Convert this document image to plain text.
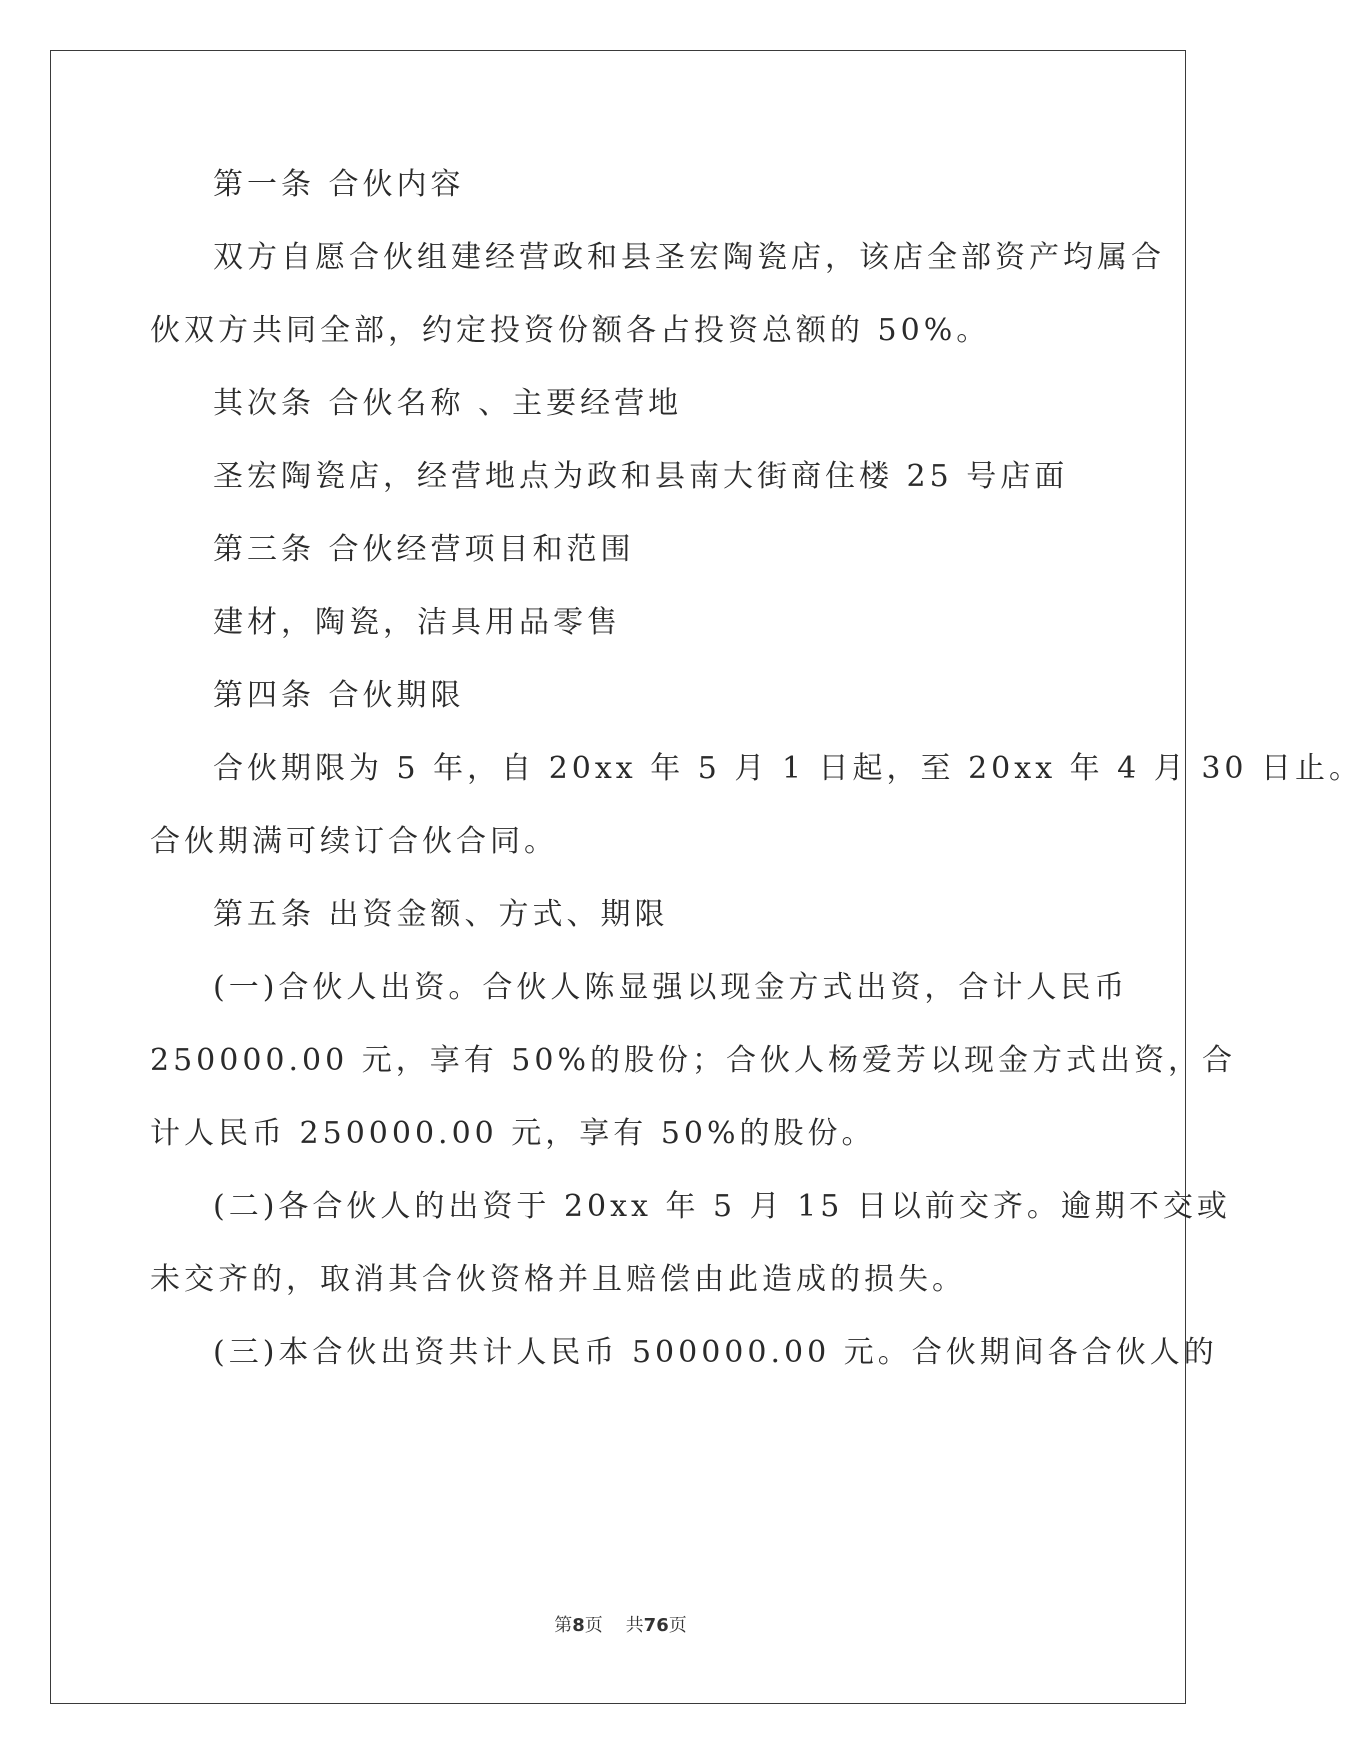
第一条 合伙内容
双方自愿合伙组建经营政和县圣宏陶瓷店，该店全部资产均属合
伙双方共同全部，约定投资份额各占投资总额的 50%。
其次条 合伙名称 、主要经营地
圣宏陶瓷店，经营地点为政和县南大街商住楼 25 号店面
第三条 合伙经营项目和范围
建材，陶瓷，洁具用品零售
第四条 合伙期限
合伙期限为 5 年，自 20xx 年 5 月 1 日起，至 20xx 年 4 月 30 日止。
合伙期满可续订合伙合同。
第五条 出资金额、方式、期限
(一)合伙人出资。合伙人陈显强以现金方式出资，合计人民币
250000.00 元，享有 50%的股份；合伙人杨爱芳以现金方式出资，合
计人民币 250000.00 元，享有 50%的股份。
(二)各合伙人的出资于 20xx 年 5 月 15 日以前交齐。逾期不交或
未交齐的，取消其合伙资格并且赔偿由此造成的损失。
(三)本合伙出资共计人民币 500000.00 元。合伙期间各合伙人的
第8页 共76页
